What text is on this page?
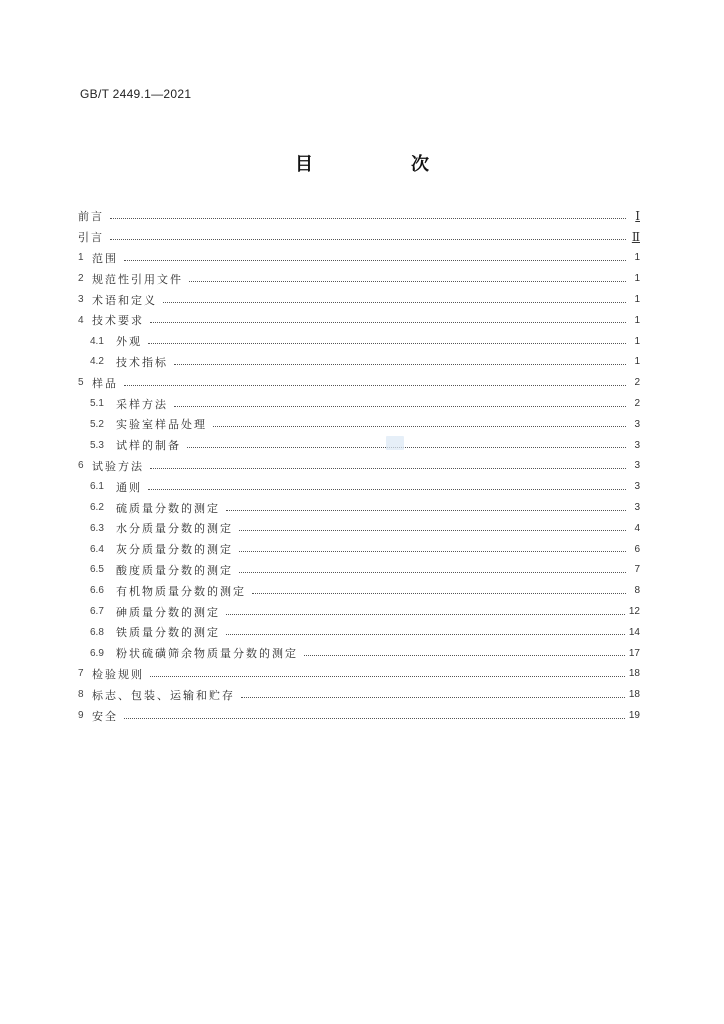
GB/T 2449.1—2021
目　次
前言	Ⅰ
引言	Ⅱ
1 范围	1
2 规范性引用文件	1
3 术语和定义	1
4 技术要求	1
4.1	外观	1
4.2	技术指标	1
5 样品	2
5.1	采样方法	2
5.2	实验室样品处理	3
5.3	试样的制备	3
6 试验方法	3
6.1	通则	3
6.2	硫质量分数的测定	3
6.3	水分质量分数的测定	4
6.4	灰分质量分数的测定	6
6.5	酸度质量分数的测定	7
6.6	有机物质量分数的测定	8
6.7	砷质量分数的测定	12
6.8	铁质量分数的测定	14
6.9	粉状硫磺筛余物质量分数的测定	17
7 检验规则	18
8 标志、包装、运输和贮存	18
9 安全	19
